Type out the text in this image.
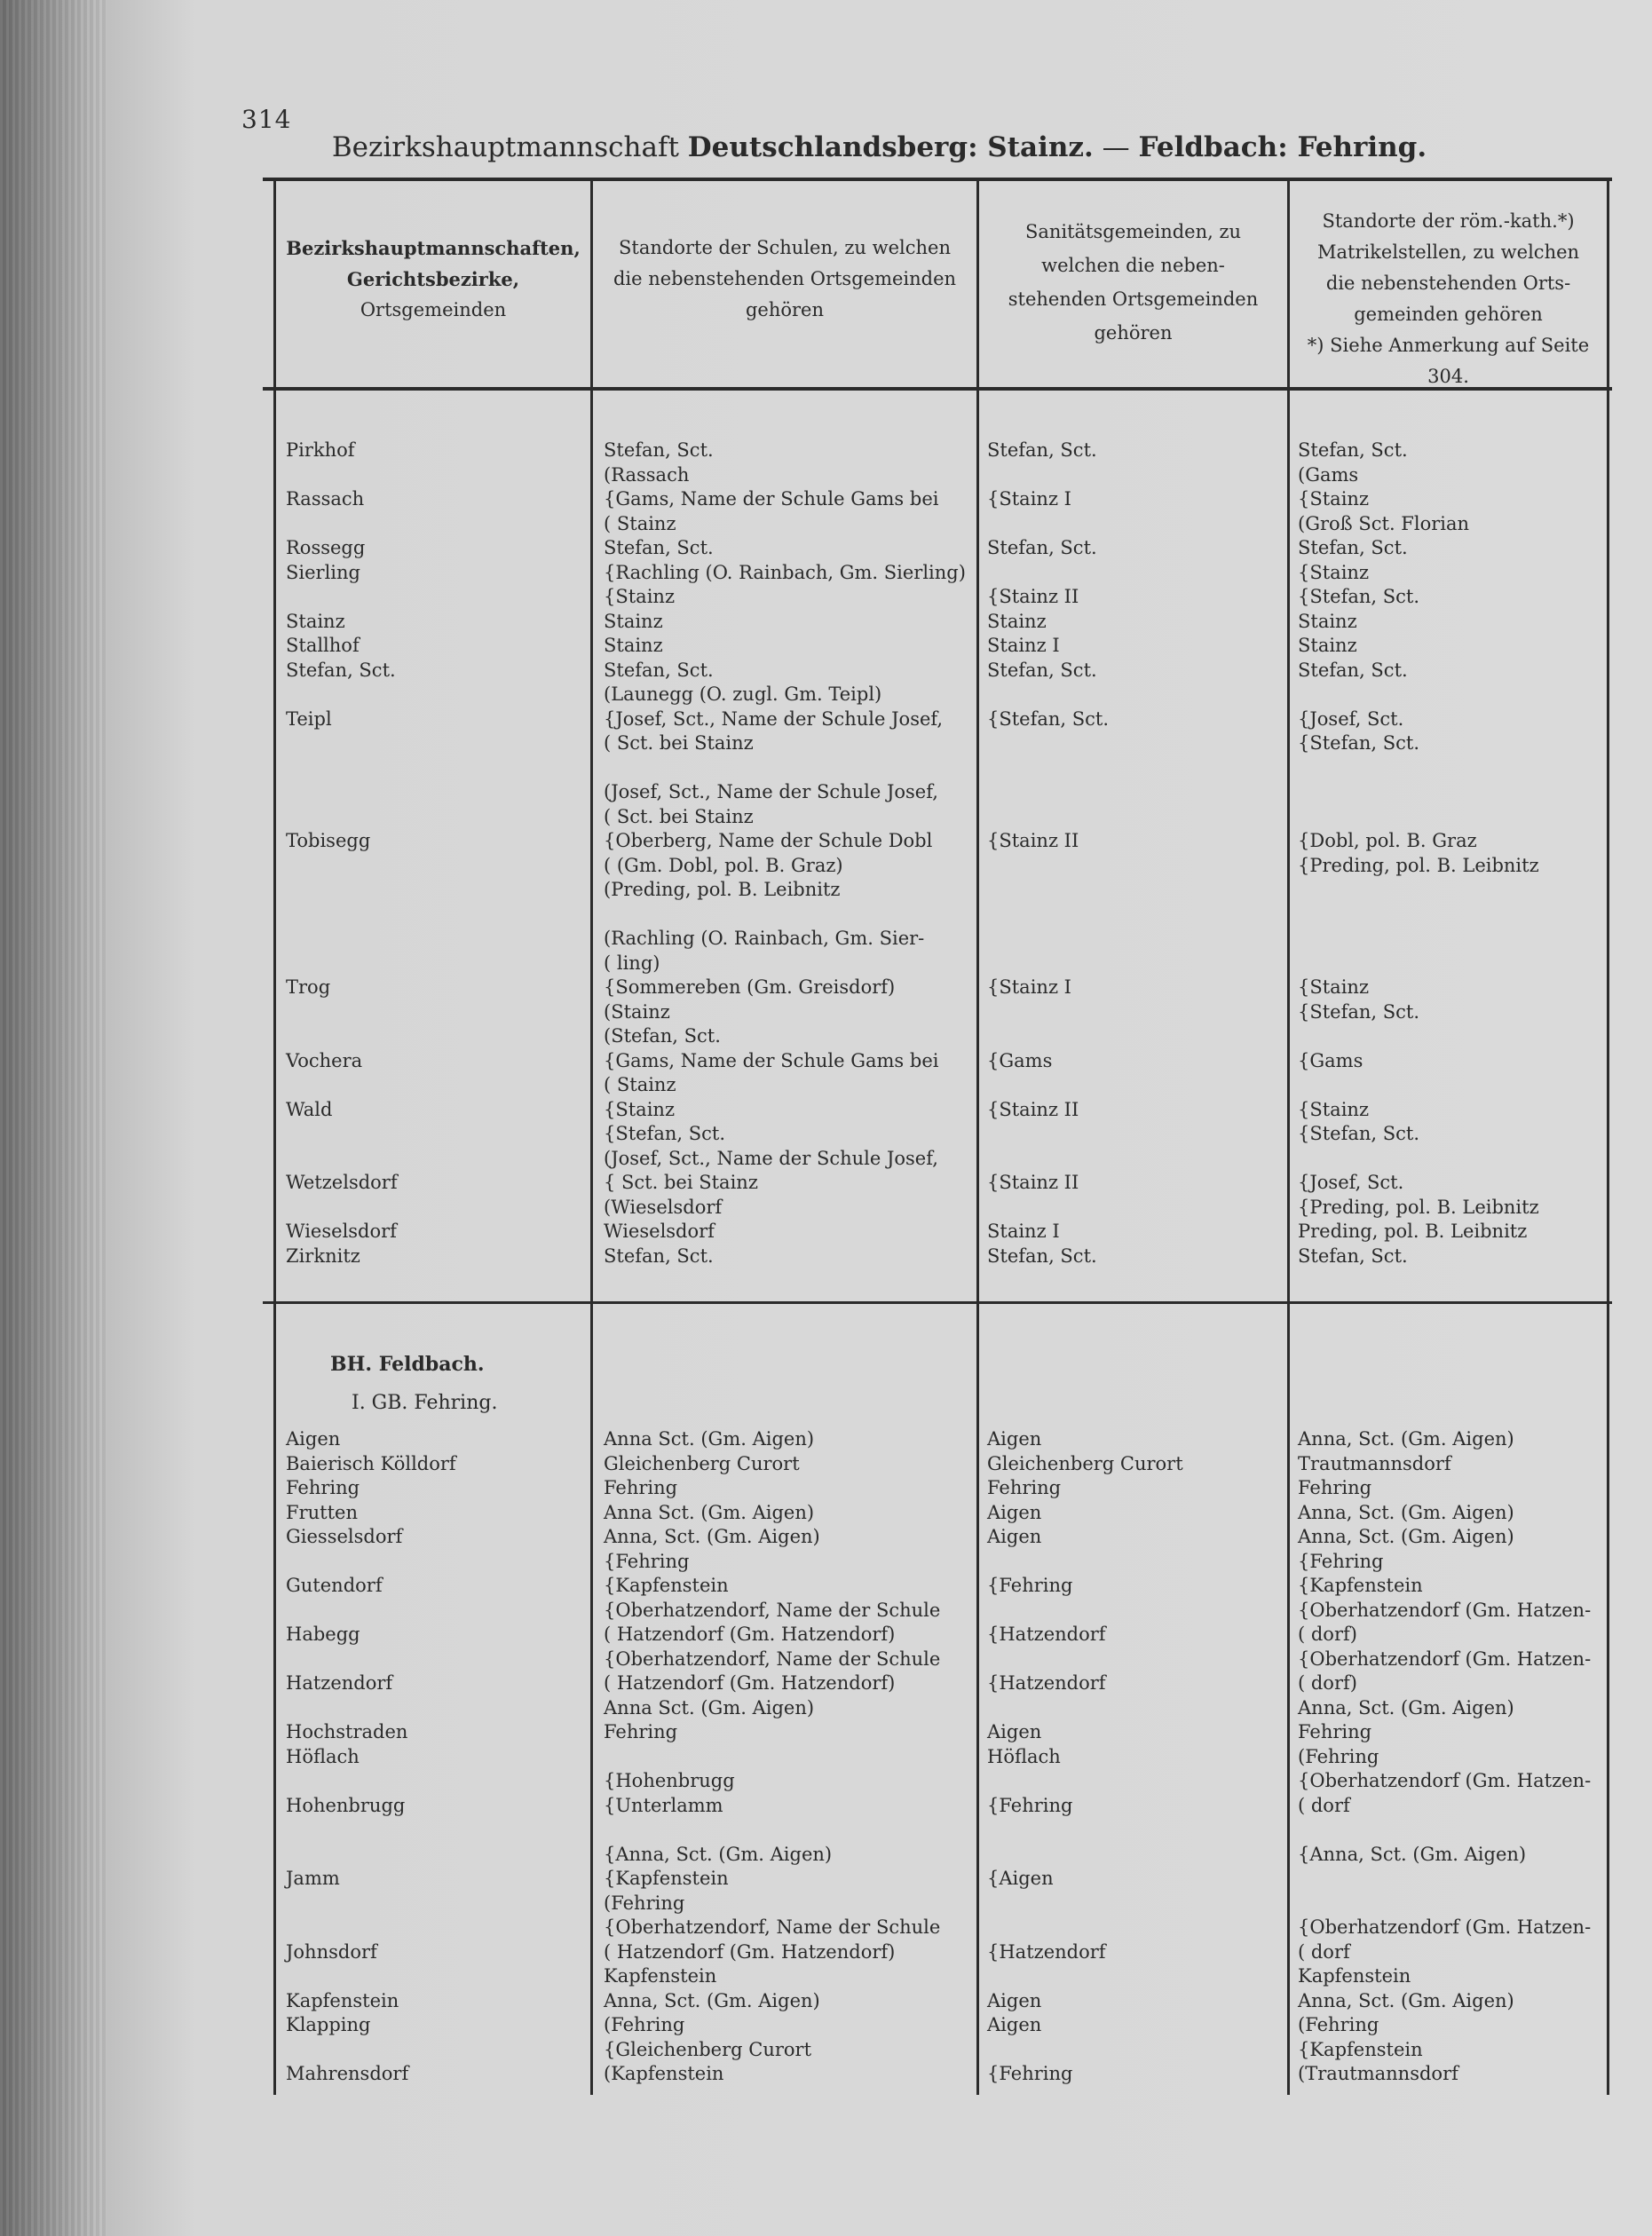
314
Bezirkshauptmannschaft Deutschlandsberg: Stainz. — Feldbach: Fehring.
Bezirkshauptmannschaften,
Gerichtsbezirke,
Ortsgemeinden
Standorte der Schulen, zu welchen
die nebenstehenden Ortsgemeinden
gehören
Sanitätsgemeinden, zu
welchen die neben-
stehenden Ortsgemeinden
gehören
Standorte der röm.-kath.*)
Matrikelstellen, zu welchen
die nebenstehenden Orts-
gemeinden gehören
*) Siehe Anmerkung auf Seite 304.
Pirkhof
Rassach
Rossegg
Sierling
Stainz
Stallhof
Stefan, Sct.
Teipl
Tobisegg
Trog
Vochera
Wald
Wetzelsdorf
Wieselsdorf
Zirknitz
Stefan, Sct.
(Rassach
{Gams, Name der Schule Gams bei
( Stainz
Stefan, Sct.
{Rachling (O. Rainbach, Gm. Sierling)
{Stainz
Stainz
Stainz
Stefan, Sct.
(Launegg (O. zugl. Gm. Teipl)
{Josef, Sct., Name der Schule Josef,
( Sct. bei Stainz
(Josef, Sct., Name der Schule Josef,
( Sct. bei Stainz
{Oberberg, Name der Schule Dobl
( (Gm. Dobl, pol. B. Graz)
(Preding, pol. B. Leibnitz
(Rachling (O. Rainbach, Gm. Sier-
( ling)
{Sommereben (Gm. Greisdorf)
(Stainz
(Stefan, Sct.
{Gams, Name der Schule Gams bei
( Stainz
{Stainz
{Stefan, Sct.
(Josef, Sct., Name der Schule Josef,
{ Sct. bei Stainz
(Wieselsdorf
Wieselsdorf
Stefan, Sct.
Stefan, Sct.
{Stainz I
Stefan, Sct.
{Stainz II
Stainz
Stainz I
Stefan, Sct.
{Stefan, Sct.
{Stainz II
{Stainz I
{Gams
{Stainz II
{Stainz II
Stainz I
Stefan, Sct.
Stefan, Sct.
(Gams
{Stainz
(Groß Sct. Florian
Stefan, Sct.
{Stainz
{Stefan, Sct.
Stainz
Stainz
Stefan, Sct.
{Josef, Sct.
{Stefan, Sct.
{Dobl, pol. B. Graz
{Preding, pol. B. Leibnitz
{Stainz
{Stefan, Sct.
{Gams
{Stainz
{Stefan, Sct.
{Josef, Sct.
{Preding, pol. B. Leibnitz
Preding, pol. B. Leibnitz
Stefan, Sct.
BH. Feldbach.
I. GB. Fehring.
Aigen
Baierisch Kölldorf
Fehring
Frutten
Giesselsdorf
Gutendorf
Habegg
Hatzendorf
Hochstraden
Höflach
Hohenbrugg
Jamm
Johnsdorf
Kapfenstein
Klapping
Mahrensdorf
Anna Sct. (Gm. Aigen)
Gleichenberg Curort
Fehring
Anna Sct. (Gm. Aigen)
Anna, Sct. (Gm. Aigen)
{Fehring
{Kapfenstein
{Oberhatzendorf, Name der Schule
( Hatzendorf (Gm. Hatzendorf)
{Oberhatzendorf, Name der Schule
( Hatzendorf (Gm. Hatzendorf)
Anna Sct. (Gm. Aigen)
Fehring
{Hohenbrugg
{Unterlamm
{Anna, Sct. (Gm. Aigen)
{Kapfenstein
(Fehring
{Oberhatzendorf, Name der Schule
( Hatzendorf (Gm. Hatzendorf)
Kapfenstein
Anna, Sct. (Gm. Aigen)
(Fehring
{Gleichenberg Curort
(Kapfenstein
Aigen
Gleichenberg Curort
Fehring
Aigen
Aigen
{Fehring
{Hatzendorf
{Hatzendorf
Aigen
Höflach
{Fehring
{Aigen
{Hatzendorf
Aigen
Aigen
{Fehring
Anna, Sct. (Gm. Aigen)
Trautmannsdorf
Fehring
Anna, Sct. (Gm. Aigen)
Anna, Sct. (Gm. Aigen)
{Fehring
{Kapfenstein
{Oberhatzendorf (Gm. Hatzen-
( dorf)
{Oberhatzendorf (Gm. Hatzen-
( dorf)
Anna, Sct. (Gm. Aigen)
Fehring
(Fehring
{Oberhatzendorf (Gm. Hatzen-
( dorf
{Anna, Sct. (Gm. Aigen)
{Oberhatzendorf (Gm. Hatzen-
( dorf
Kapfenstein
Anna, Sct. (Gm. Aigen)
(Fehring
{Kapfenstein
(Trautmannsdorf
